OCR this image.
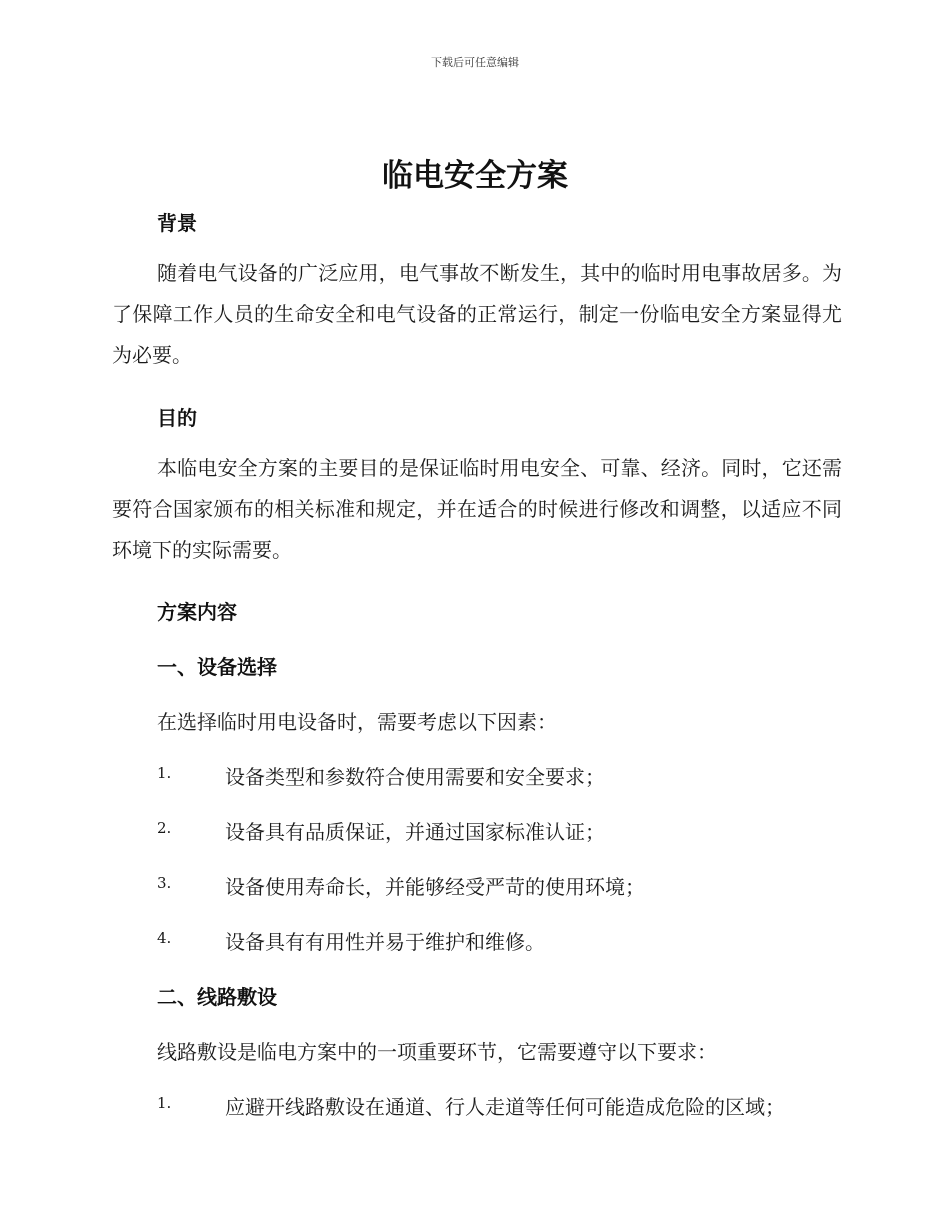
下载后可任意编辑
临电安全方案
背景

随着电气设备的广泛应用，电气事故不断发生，其中的临时用电事故居多。为了保障工作人员的生命安全和电气设备的正常运行，制定一份临电安全方案显得尤为必要。

目的

本临电安全方案的主要目的是保证临时用电安全、可靠、经济。同时，它还需要符合国家颁布的相关标准和规定，并在适合的时候进行修改和调整，以适应不同环境下的实际需要。

方案内容
一、设备选择
在选择临时用电设备时，需要考虑以下因素：
1.	设备类型和参数符合使用需要和安全要求；
2.	设备具有品质保证，并通过国家标准认证；
3.	设备使用寿命长，并能够经受严苛的使用环境；
4.	设备具有有用性并易于维护和维修。
二、线路敷设
线路敷设是临电方案中的一项重要环节，它需要遵守以下要求：
1.	应避开线路敷设在通道、行人走道等任何可能造成危险的区域；
